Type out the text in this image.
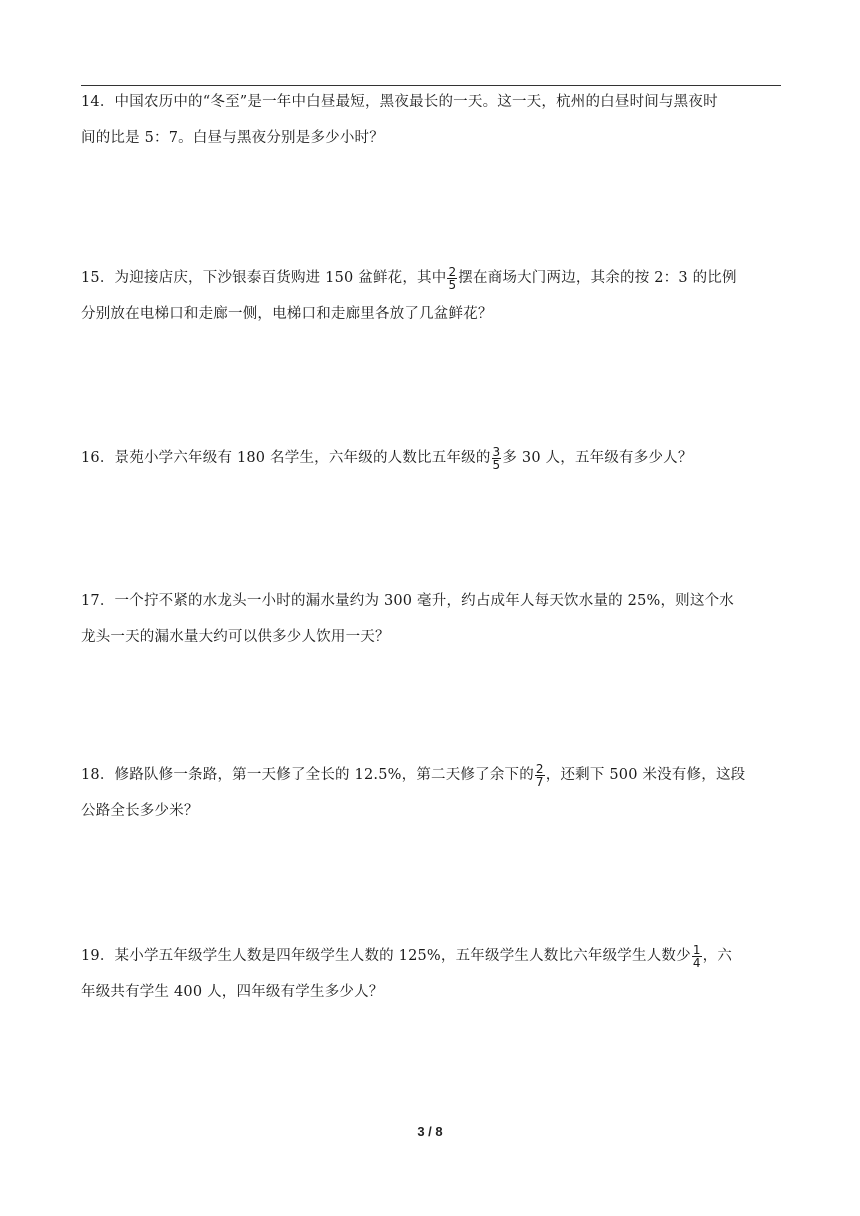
14．中国农历中的“冬至”是一年中白昼最短，黑夜最长的一天。这一天，杭州的白昼时间与黑夜时
间的比是 5：7。白昼与黑夜分别是多少小时？
15．为迎接店庆，下沙银泰百货购进 150 盆鲜花，其中 $\frac{2}{5}$ 摆在商场大门两边，其余的按 2：3 的比例
分别放在电梯口和走廊一侧，电梯口和走廊里各放了几盆鲜花？
16．景苑小学六年级有 180 名学生，六年级的人数比五年级的 $\frac{3}{5}$ 多 30 人，五年级有多少人？
17．一个拧不紧的水龙头一小时的漏水量约为 300 毫升，约占成年人每天饮水量的 25%，则这个水
龙头一天的漏水量大约可以供多少人饮用一天？
18．修路队修一条路，第一天修了全长的 12.5%，第二天修了余下的 $\frac{2}{7}$ ，还剩下 500 米没有修，这段
公路全长多少米？
19．某小学五年级学生人数是四年级学生人数的 125%，五年级学生人数比六年级学生人数少 $\frac{1}{4}$ ，六
年级共有学生 400 人，四年级有学生多少人？
3 / 8
